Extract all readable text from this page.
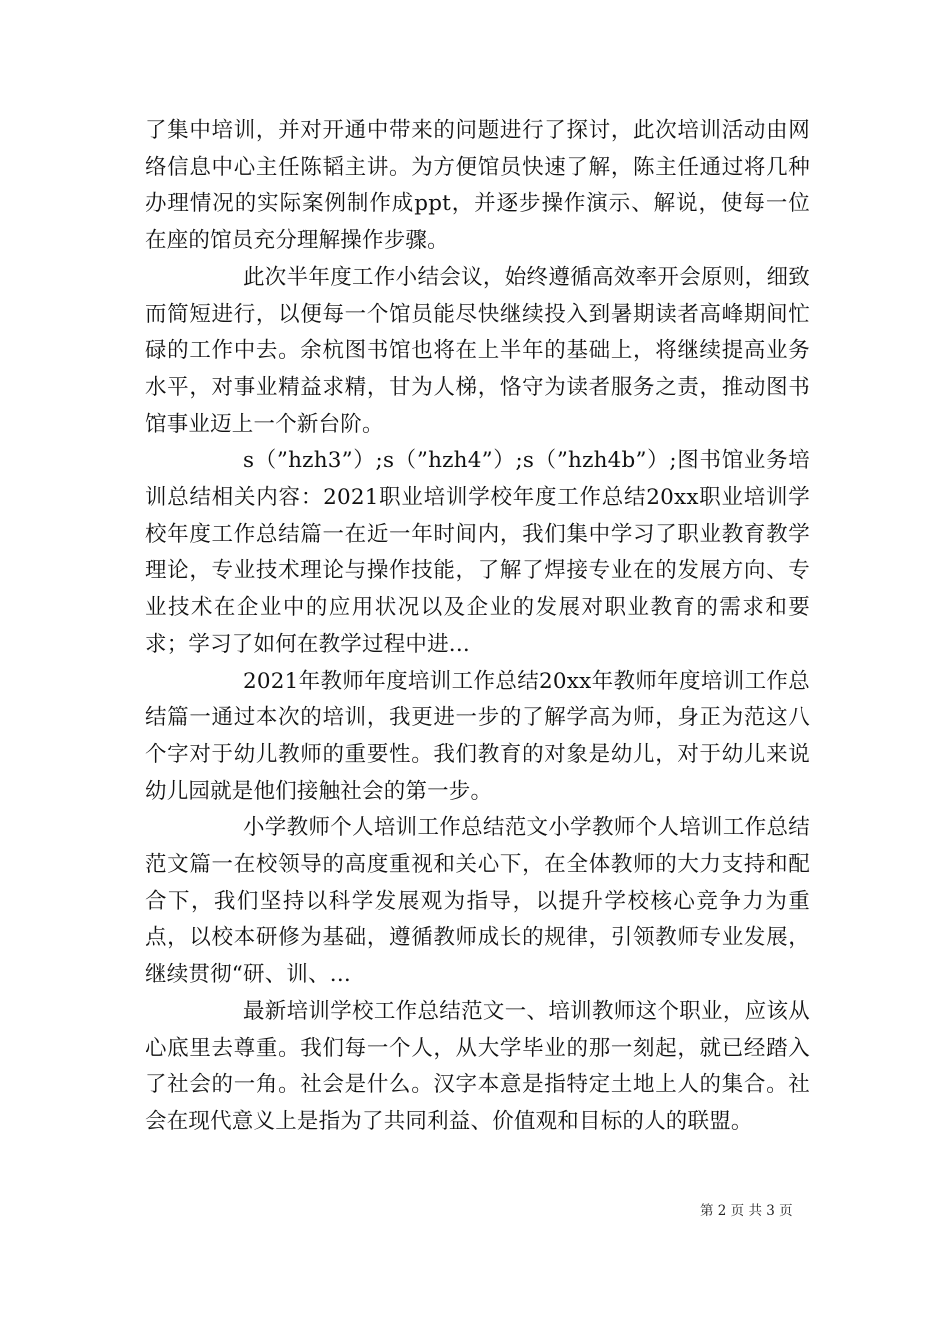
了集中培训，并对开通中带来的问题进行了探讨，此次培训活动由网络信息中心主任陈韬主讲。为方便馆员快速了解，陈主任通过将几种办理情况的实际案例制作成ppt，并逐步操作演示、解说，使每一位在座的馆员充分理解操作步骤。

此次半年度工作小结会议，始终遵循高效率开会原则，细致而简短进行，以便每一个馆员能尽快继续投入到暑期读者高峰期间忙碌的工作中去。余杭图书馆也将在上半年的基础上，将继续提高业务水平，对事业精益求精，甘为人梯，恪守为读者服务之责，推动图书馆事业迈上一个新台阶。

s（”hzh3”）;s（”hzh4”）;s（”hzh4b”）;图书馆业务培训总结相关内容：2021职业培训学校年度工作总结20xx职业培训学校年度工作总结篇一在近一年时间内，我们集中学习了职业教育教学理论，专业技术理论与操作技能，了解了焊接专业在的发展方向、专业技术在企业中的应用状况以及企业的发展对职业教育的需求和要求；学习了如何在教学过程中进...

2021年教师年度培训工作总结20xx年教师年度培训工作总结篇一通过本次的培训，我更进一步的了解学高为师，身正为范这八个字对于幼儿教师的重要性。我们教育的对象是幼儿，对于幼儿来说幼儿园就是他们接触社会的第一步。

小学教师个人培训工作总结范文小学教师个人培训工作总结范文篇一在校领导的高度重视和关心下，在全体教师的大力支持和配合下，我们坚持以科学发展观为指导，以提升学校核心竞争力为重点，以校本研修为基础，遵循教师成长的规律，引领教师专业发展，继续贯彻“研、训、...

最新培训学校工作总结范文一、培训教师这个职业，应该从心底里去尊重。我们每一个人，从大学毕业的那一刻起，就已经踏入了社会的一角。社会是什么。汉字本意是指特定土地上人的集合。社会在现代意义上是指为了共同利益、价值观和目标的人的联盟。

第 2 页 共 3 页
